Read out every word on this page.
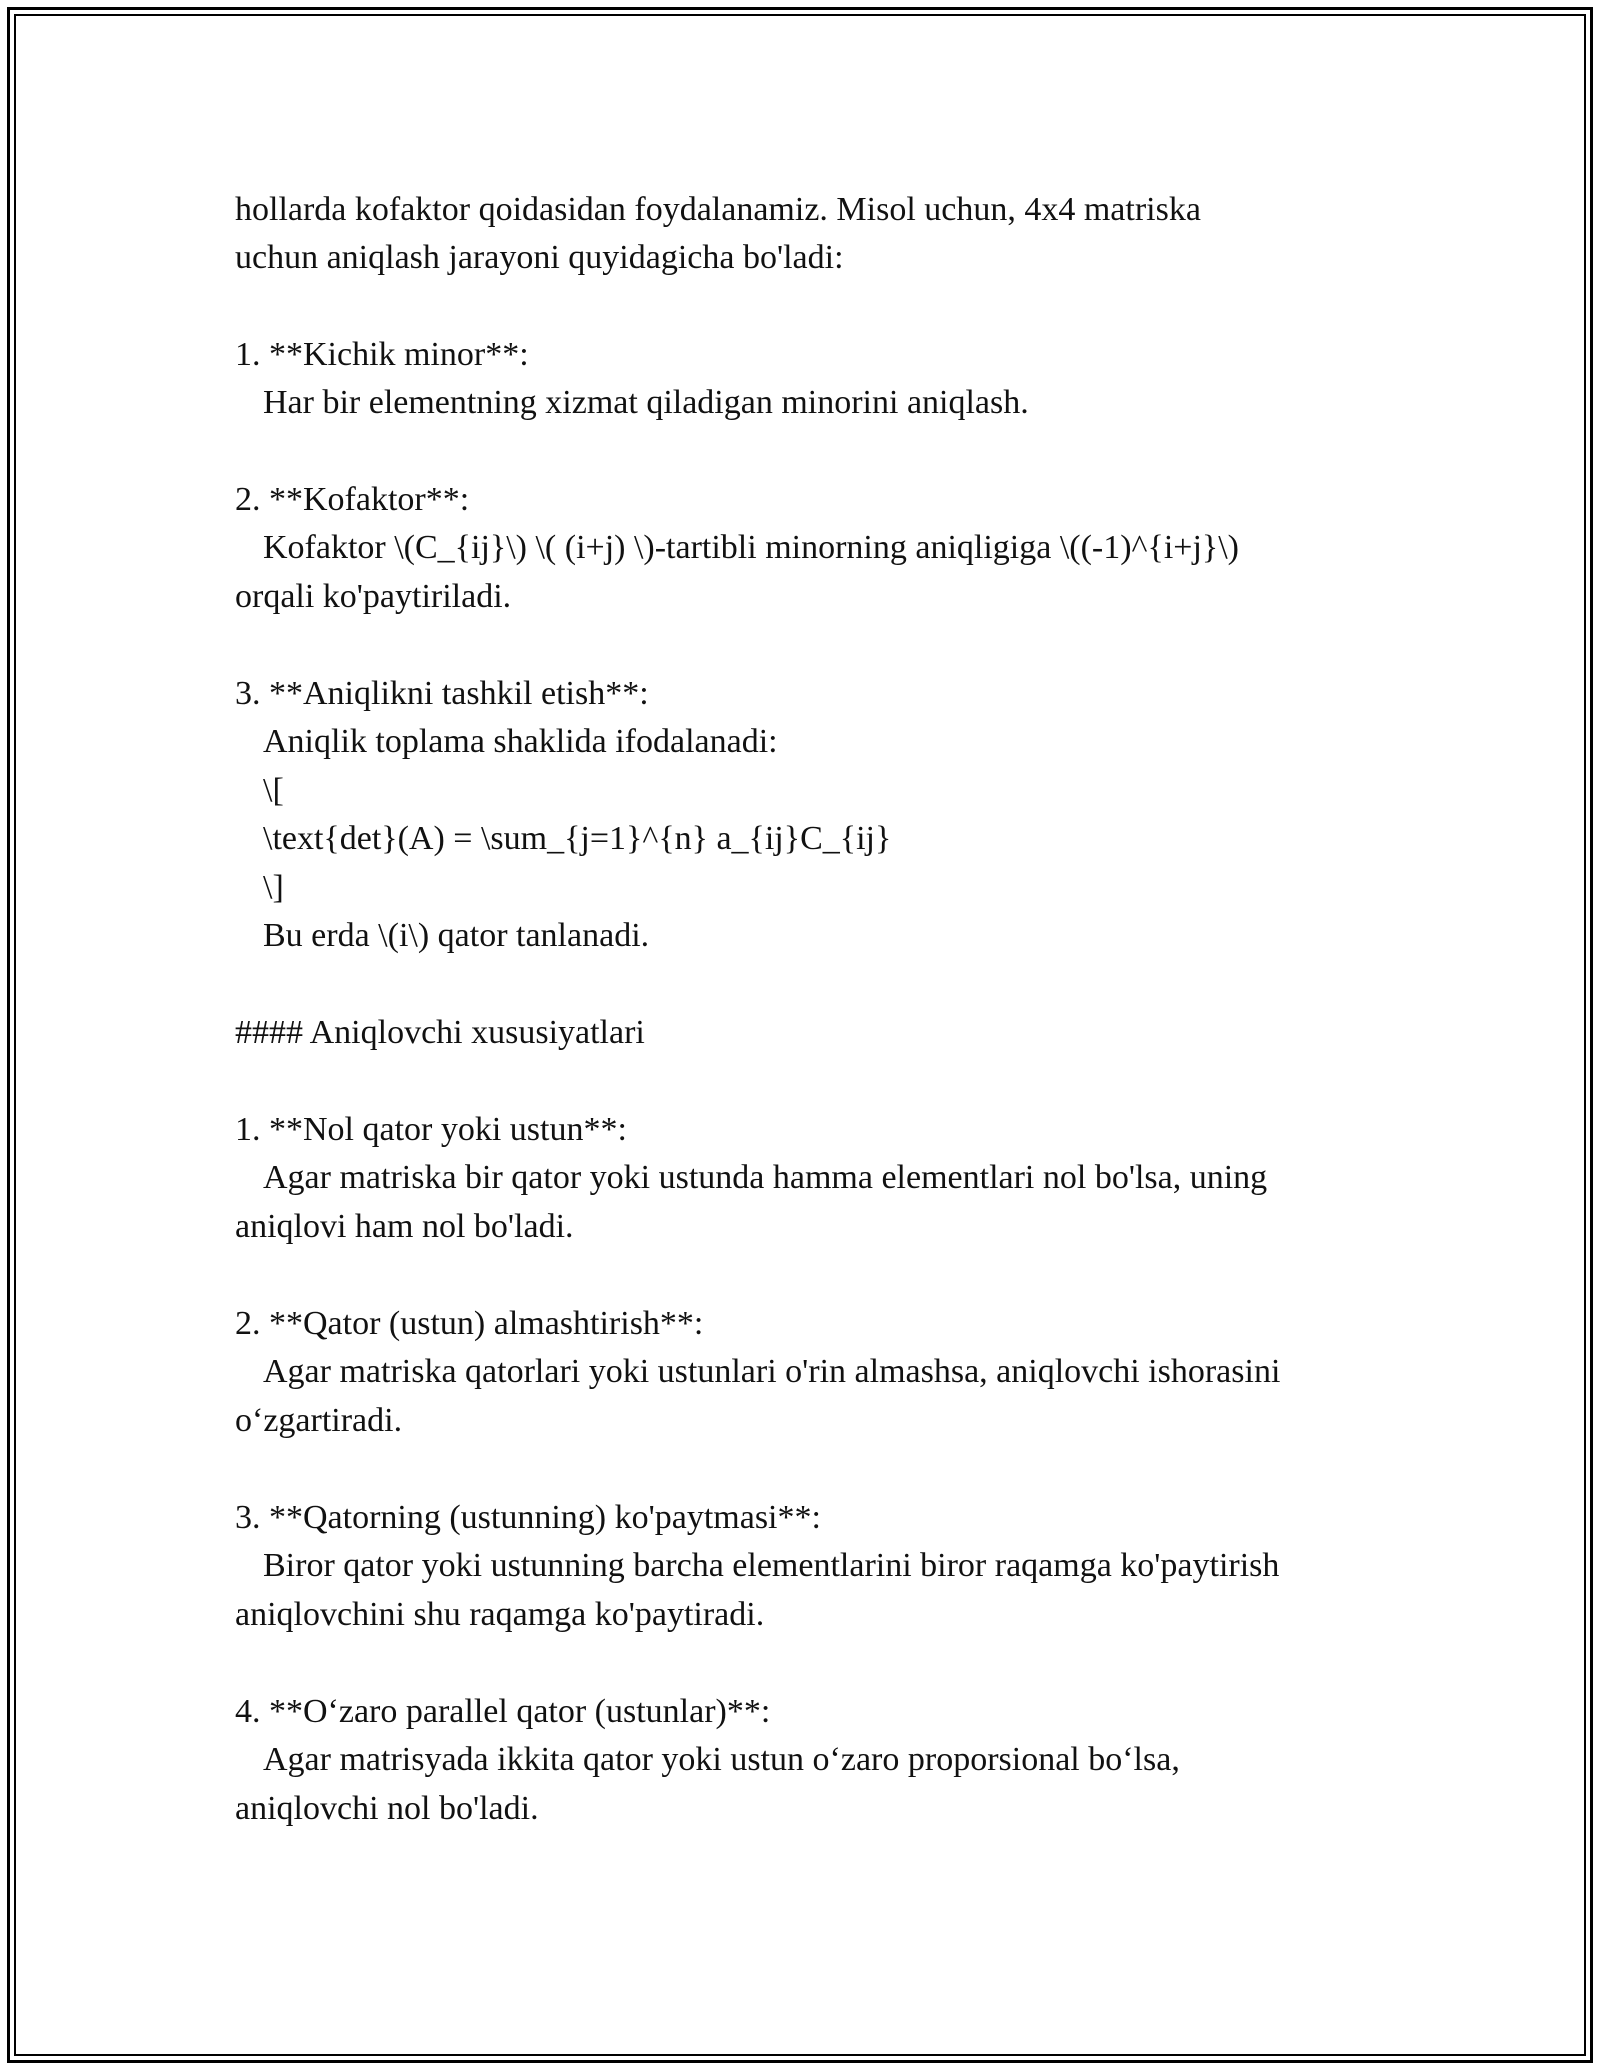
hollarda kofaktor qoidasidan foydalanamiz. Misol uchun, 4x4 matriska

uchun aniqlash jarayoni quyidagicha bo'ladi:

1. **Kichik minor**:

Har bir elementning xizmat qiladigan minorini aniqlash.

2. **Kofaktor**:

Kofaktor \(C_{ij}\) \( (i+j) \)-tartibli minorning aniqligiga \((-1)^{i+j}\)

orqali ko'paytiriladi.

3. **Aniqlikni tashkil etish**:

Aniqlik toplama shaklida ifodalanadi:

\[

\text{det}(A) = \sum_{j=1}^{n} a_{ij}C_{ij}

\]

Bu erda \(i\) qator tanlanadi.

#### Aniqlovchi xususiyatlari

1. **Nol qator yoki ustun**:

Agar matriska bir qator yoki ustunda hamma elementlari nol bo'lsa, uning

aniqlovi ham nol bo'ladi.

2. **Qator (ustun) almashtirish**:

Agar matriska qatorlari yoki ustunlari o'rin almashsa, aniqlovchi ishorasini

o‘zgartiradi.

3. **Qatorning (ustunning) ko'paytmasi**:

Biror qator yoki ustunning barcha elementlarini biror raqamga ko'paytirish

aniqlovchini shu raqamga ko'paytiradi.

4. **O‘zaro parallel qator (ustunlar)**:

Agar matrisyada ikkita qator yoki ustun o‘zaro proporsional bo‘lsa,

aniqlovchi nol bo'ladi.
